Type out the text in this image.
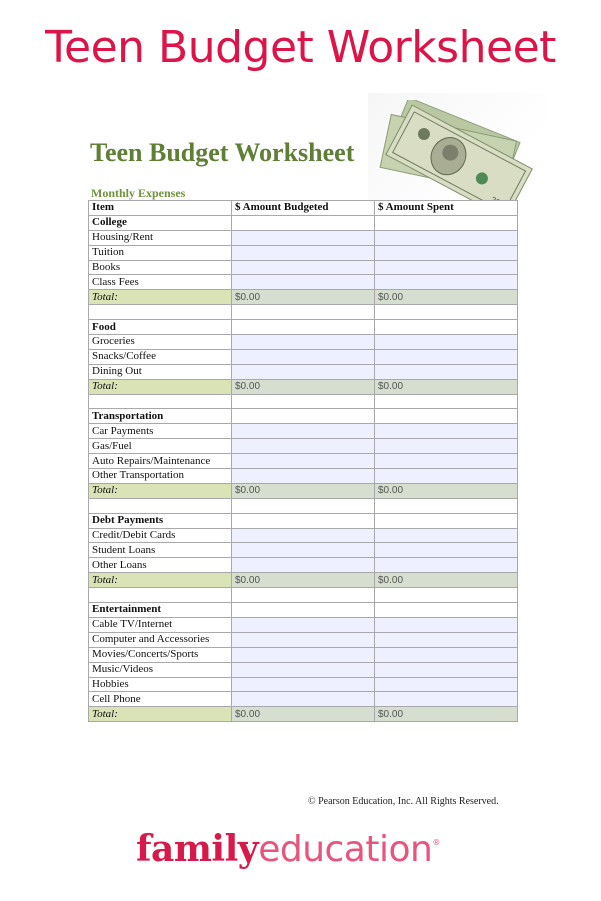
Teen Budget Worksheet
Teen Budget Worksheet
Monthly Expenses
Item	$ Amount Budgeted	$ Amount Spent
College		
Housing/Rent		
Tuition		
Books		
Class Fees		
Total:	$0.00	$0.00

Food		
Groceries		
Snacks/Coffee		
Dining Out		
Total:	$0.00	$0.00

Transportation		
Car Payments		
Gas/Fuel		
Auto Repairs/Maintenance		
Other Transportation		
Total:	$0.00	$0.00

Debt Payments		
Credit/Debit Cards		
Student Loans		
Other Loans		
Total:	$0.00	$0.00

Entertainment		
Cable TV/Internet		
Computer and Accessories		
Movies/Concerts/Sports		
Music/Videos		
Hobbies		
Cell Phone		
Total:	$0.00	$0.00
© Pearson Education, Inc. All Rights Reserved.
familyeducation®
